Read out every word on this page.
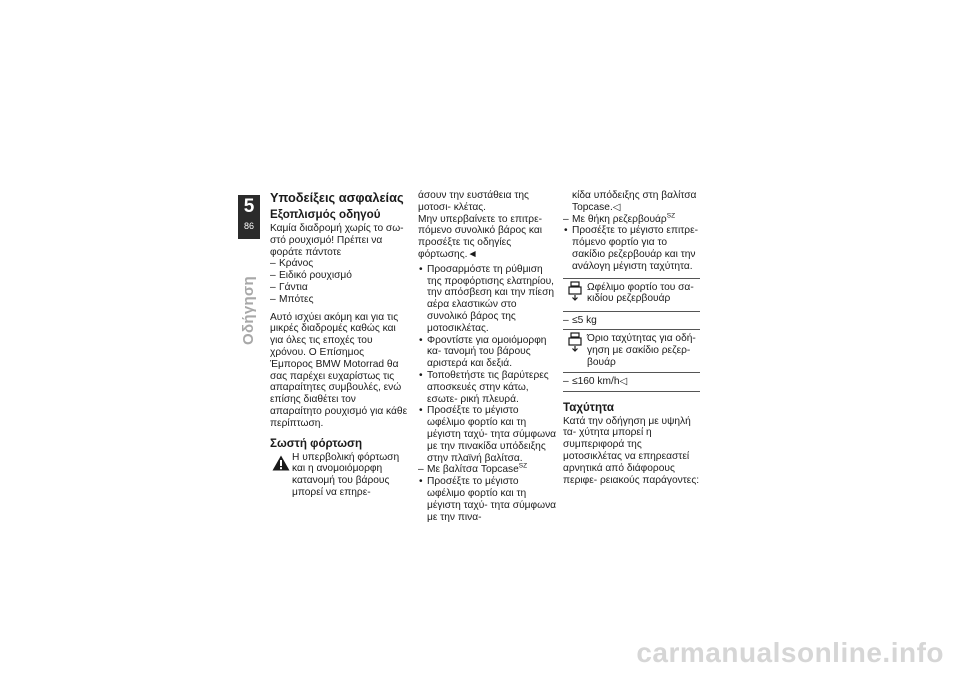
5
86
Οδήγηση
Υποδείξεις ασφαλείας
Εξοπλισμός οδηγού

Καμία διαδρομή χωρίς το σω- στό ρουχισμό! Πρέπει να φοράτε πάντοτε

– Κράνος

– Ειδικό ρουχισμό

– Γάντια

– Μπότες

Αυτό ισχύει ακόμη και για τις μικρές διαδρομές καθώς και για όλες τις εποχές του χρόνου. Ο Επίσημος Έμπορος BMW Motorrad θα σας παρέχει ευχαρίστως τις απαραίτητες συμβουλές, ενώ επίσης διαθέτει τον απαραίτητο ρουχισμό για κάθε περίπτωση.

Σωστή φόρτωση

Η υπερβολική φόρτωση και η ανομοιόμορφη κατανομή του βάρους μπορεί να επηρε-

άσουν την ευστάθεια της μοτοσι- κλέτας.

Μην υπερβαίνετε το επιτρε- πόμενο συνολικό βάρος και προσέξτε τις οδηγίες φόρτωσης.◄

• Προσαρμόστε τη ρύθμιση της προφόρτισης ελατηρίου, την απόσβεση και την πίεση αέρα ελαστικών στο συνολικό βάρος της μοτοσικλέτας.

• Φροντίστε για ομοιόμορφη κα- τανομή του βάρους αριστερά και δεξιά.

• Τοποθετήστε τις βαρύτερες αποσκευές στην κάτω, εσωτε- ρική πλευρά.

• Προσέξτε το μέγιστο ωφέλιμο φορτίο και τη μέγιστη ταχύ- τητα σύμφωνα με την πινακίδα υπόδειξης στην πλαϊνή βαλίτσα.

– Με βαλίτσα Topcase$^{SZ}$

• Προσέξτε το μέγιστο ωφέλιμο φορτίο και τη μέγιστη ταχύ- τητα σύμφωνα με την πινα-

κίδα υπόδειξης στη βαλίτσα Topcase.◁

– Με θήκη ρεζερβουάρ$^{SZ}$

• Προσέξτε το μέγιστο επιτρε- πόμενο φορτίο για το σακίδιο ρεζερβουάρ και την ανάλογη μέγιστη ταχύτητα.

Ωφέλιμο φορτίο του σα- κιδίου ρεζερβουάρ
– ≤5 kg
Όριο ταχύτητας για οδή- γηση με σακίδιο ρεζερ- βουάρ
– ≤160 km/h◁
Ταχύτητα

Κατά την οδήγηση με υψηλή τα- χύτητα μπορεί η συμπεριφορά της μοτοσικλέτας να επηρεαστεί αρνητικά από διάφορους περιφε- ρειακούς παράγοντες:

carmanualsonline.info
